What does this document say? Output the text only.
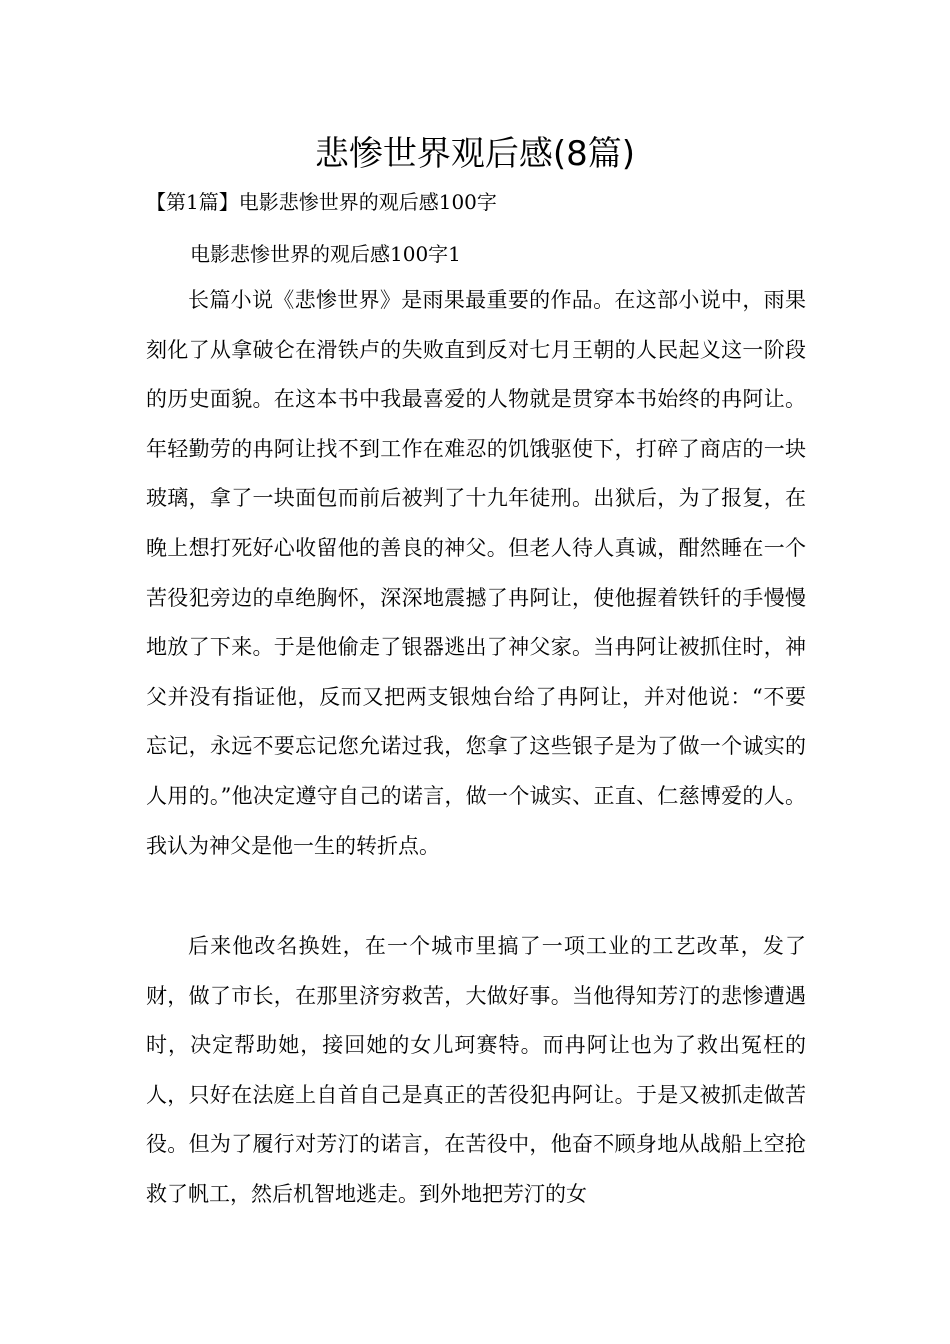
悲惨世界观后感(8篇)

【第1篇】电影悲惨世界的观后感100字

电影悲惨世界的观后感100字1

长篇小说《悲惨世界》是雨果最重要的作品。在这部小说中，雨果刻化了从拿破仑在滑铁卢的失败直到反对七月王朝的人民起义这一阶段的历史面貌。在这本书中我最喜爱的人物就是贯穿本书始终的冉阿让。年轻勤劳的冉阿让找不到工作在难忍的饥饿驱使下，打碎了商店的一块玻璃，拿了一块面包而前后被判了十九年徒刑。出狱后，为了报复，在晚上想打死好心收留他的善良的神父。但老人待人真诚，酣然睡在一个苦役犯旁边的卓绝胸怀，深深地震撼了冉阿让，使他握着铁钎的手慢慢地放了下来。于是他偷走了银器逃出了神父家。当冉阿让被抓住时，神父并没有指证他，反而又把两支银烛台给了冉阿让，并对他说：“不要忘记，永远不要忘记您允诺过我，您拿了这些银子是为了做一个诚实的人用的。”他决定遵守自己的诺言，做一个诚实、正直、仁慈博爱的人。我认为神父是他一生的转折点。

后来他改名换姓，在一个城市里搞了一项工业的工艺改革，发了财，做了市长，在那里济穷救苦，大做好事。当他得知芳汀的悲惨遭遇时，决定帮助她，接回她的女儿珂赛特。而冉阿让也为了救出冤枉的人，只好在法庭上自首自己是真正的苦役犯冉阿让。于是又被抓走做苦役。但为了履行对芳汀的诺言，在苦役中，他奋不顾身地从战船上空抢救了帆工，然后机智地逃走。到外地把芳汀的女
